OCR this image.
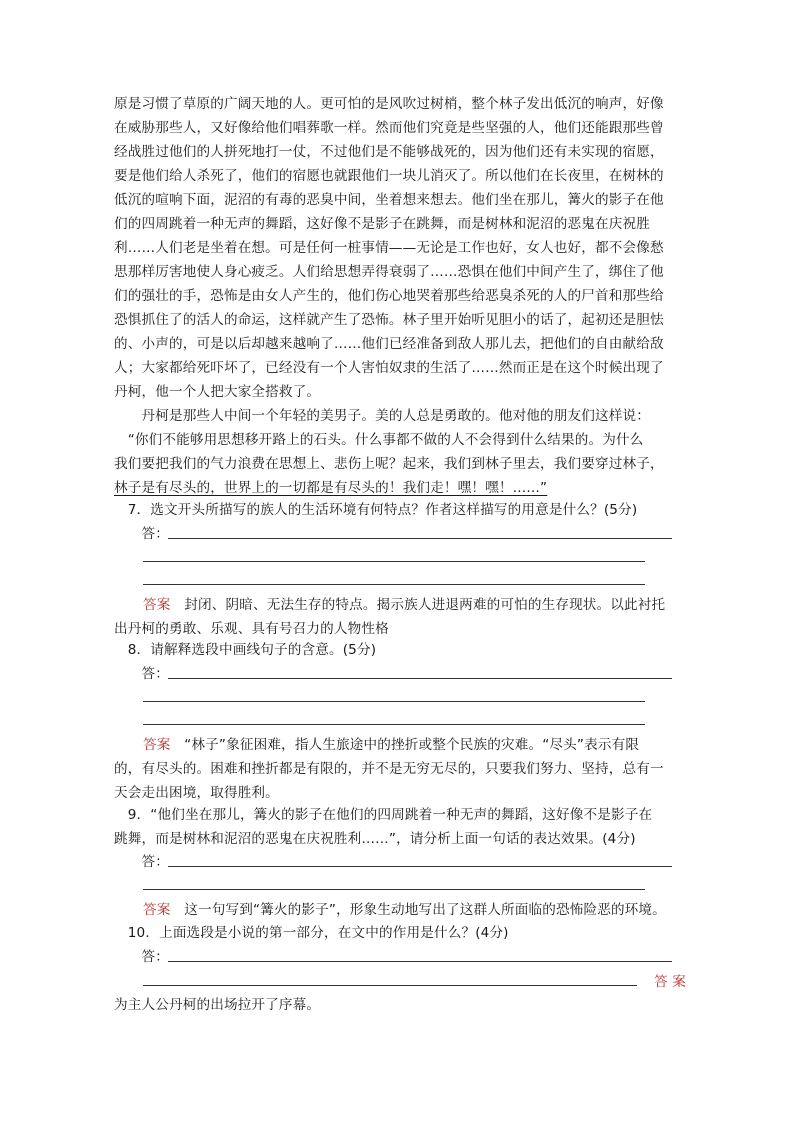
原是习惯了草原的广阔天地的人。更可怕的是风吹过树梢，整个林子发出低沉的响声，好像
在威胁那些人，又好像给他们唱葬歌一样。然而他们究竟是些坚强的人，他们还能跟那些曾
经战胜过他们的人拼死地打一仗，不过他们是不能够战死的，因为他们还有未实现的宿愿，
要是他们给人杀死了，他们的宿愿也就跟他们一块儿消灭了。所以他们在长夜里，在树林的
低沉的喧响下面，泥沼的有毒的恶臭中间，坐着想来想去。他们坐在那儿，篝火的影子在他
们的四周跳着一种无声的舞蹈，这好像不是影子在跳舞，而是树林和泥沼的恶鬼在庆祝胜
利……人们老是坐着在想。可是任何一桩事情——无论是工作也好，女人也好，都不会像愁
思那样厉害地使人身心疲乏。人们给思想弄得衰弱了……恐惧在他们中间产生了，绑住了他
们的强壮的手，恐怖是由女人产生的，他们伤心地哭着那些给恶臭杀死的人的尸首和那些给
恐惧抓住了的活人的命运，这样就产生了恐怖。林子里开始听见胆小的话了，起初还是胆怯
的、小声的，可是以后却越来越响了……他们已经准备到敌人那儿去，把他们的自由献给敌
人；大家都给死吓坏了，已经没有一个人害怕奴隶的生活了……然而正是在这个时候出现了
丹柯，他一个人把大家全搭救了。
　　丹柯是那些人中间一个年轻的美男子。美的人总是勇敢的。他对他的朋友们这样说：
　“你们不能够用思想移开路上的石头。什么事都不做的人不会得到什么结果的。为什么
我们要把我们的气力浪费在思想上、悲伤上呢？起来，我们到林子里去，我们要穿过林子，
林子是有尽头的，世界上的一切都是有尽头的！我们走！嘿！嘿！……”
　7．选文开头所描写的族人的生活环境有何特点？作者这样描写的用意是什么？(5分)
　　答：
答案　封闭、阴暗、无法生存的特点。揭示族人进退两难的可怕的生存现状。以此衬托
出丹柯的勇敢、乐观、具有号召力的人物性格
　8．请解释选段中画线句子的含意。(5分)
　　答：
答案　“林子”象征困难，指人生旅途中的挫折或整个民族的灾难。“尽头”表示有限
的，有尽头的。困难和挫折都是有限的，并不是无穷无尽的，只要我们努力、坚持，总有一
天会走出困境，取得胜利。
　9．“他们坐在那儿，篝火的影子在他们的四周跳着一种无声的舞蹈，这好像不是影子在
跳舞，而是树林和泥沼的恶鬼在庆祝胜利……”，请分析上面一句话的表达效果。(4分)
　　答：
答案　这一句写到“篝火的影子”，形象生动地写出了这群人所面临的恐怖险恶的环境。
　10．上面选段是小说的第一部分，在文中的作用是什么？(4分)
　　答：
答 案
为主人公丹柯的出场拉开了序幕。
